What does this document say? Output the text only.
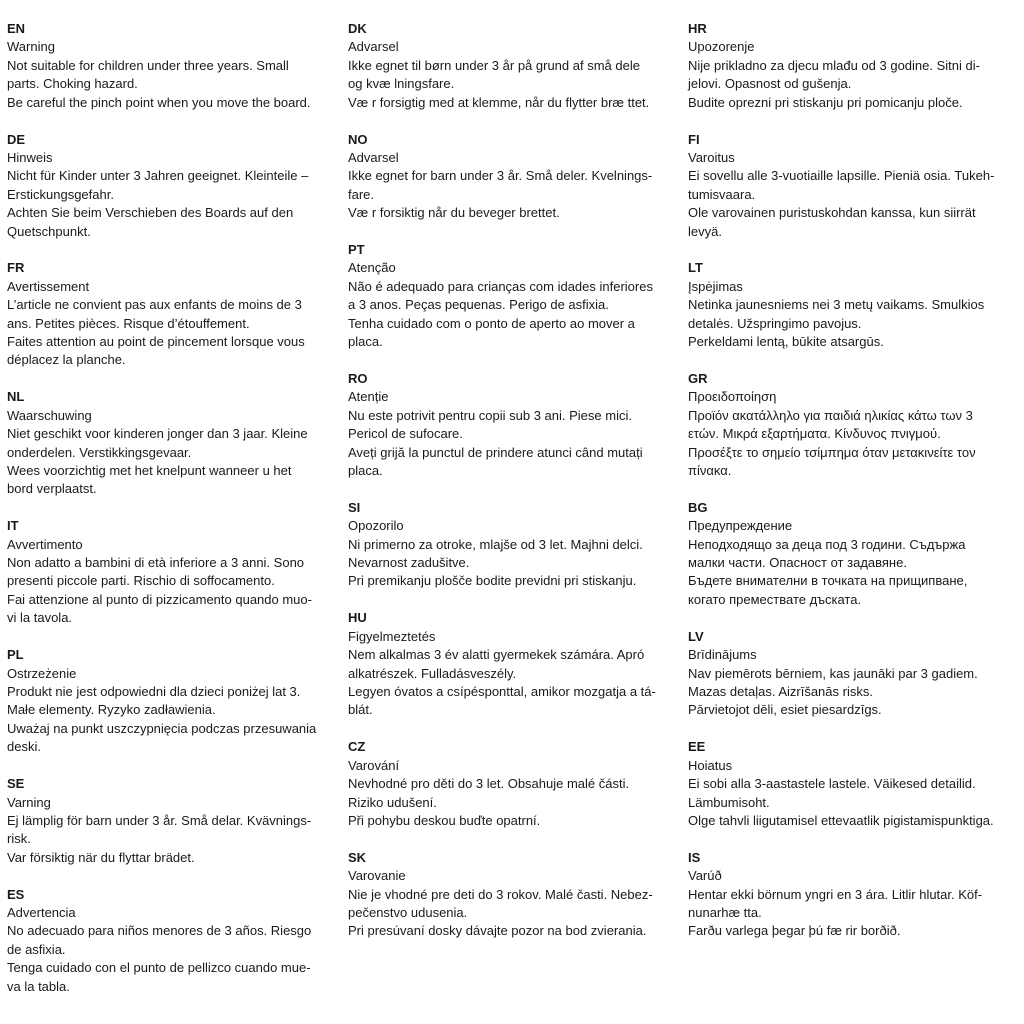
EN
Warning
Not suitable for children under three years. Small
parts. Choking hazard.
Be careful the pinch point when you move the board.
DE
Hinweis
Nicht für Kinder unter 3 Jahren geeignet. Kleinteile –
Erstickungsgefahr.
Achten Sie beim Verschieben des Boards auf den
Quetschpunkt.
FR
Avertissement
L’article ne convient pas aux enfants de moins de 3
ans. Petites pièces. Risque d’étouffement.
Faites attention au point de pincement lorsque vous
déplacez la planche.
NL
Waarschuwing
Niet geschikt voor kinderen jonger dan 3 jaar. Kleine
onderdelen. Verstikkingsgevaar.
Wees voorzichtig met het knelpunt wanneer u het
bord verplaatst.
IT
Avvertimento
Non adatto a bambini di età inferiore a 3 anni. Sono
presenti piccole parti. Rischio di soffocamento.
Fai attenzione al punto di pizzicamento quando muo-
vi la tavola.
PL
Ostrzeżenie
Produkt nie jest odpowiedni dla dzieci poniżej lat 3.
Małe elementy. Ryzyko zadławienia.
Uważaj na punkt uszczypnięcia podczas przesuwania
deski.
SE
Varning
Ej lämplig för barn under 3 år. Små delar. Kvävnings-
risk.
Var försiktig när du flyttar brädet.
ES
Advertencia
No adecuado para niños menores de 3 años. Riesgo
de asfixia.
Tenga cuidado con el punto de pellizco cuando mue-
va la tabla.
DK
Advarsel
Ikke egnet til børn under 3 år på grund af små dele
og kvæ lningsfare.
Væ r forsigtig med at klemme, når du flytter bræ ttet.
NO
Advarsel
Ikke egnet for barn under 3 år. Små deler. Kvelnings-
fare.
Væ r forsiktig når du beveger brettet.
PT
Atenção
Não é adequado para crianças com idades inferiores
a 3 anos. Peças pequenas. Perigo de asfixia.
Tenha cuidado com o ponto de aperto ao mover a
placa.
RO
Atenție
Nu este potrivit pentru copii sub 3 ani. Piese mici.
Pericol de sufocare.
Aveți grijă la punctul de prindere atunci când mutați
placa.
SI
Opozorilo
Ni primerno za otroke, mlajše od 3 let. Majhni delci.
Nevarnost zadušitve.
Pri premikanju plošče bodite previdni pri stiskanju.
HU
Figyelmeztetés
Nem alkalmas 3 év alatti gyermekek számára. Apró
alkatrészek. Fulladásveszély.
Legyen óvatos a csípésponttal, amikor mozgatja a tá-
blát.
CZ
Varování
Nevhodné pro děti do 3 let. Obsahuje malé části.
Riziko udušení.
Při pohybu deskou buďte opatrní.
SK
Varovanie
Nie je vhodné pre deti do 3 rokov. Malé časti. Nebez-
pečenstvo udusenia.
Pri presúvaní dosky dávajte pozor na bod zvierania.
HR
Upozorenje
Nije prikladno za djecu mlađu od 3 godine. Sitni di-
jelovi. Opasnost od gušenja.
Budite oprezni pri stiskanju pri pomicanju ploče.
FI
Varoitus
Ei sovellu alle 3-vuotiaille lapsille. Pieniä osia. Tukeh-
tumisvaara.
Ole varovainen puristuskohdan kanssa, kun siirrät
levyä.
LT
Įspėjimas
Netinka jaunesniems nei 3 metų vaikams. Smulkios
detalės. Užspringimo pavojus.
Perkeldami lentą, būkite atsargūs.
GR
Προειδοποίηση
Προϊόν ακατάλληλο για παιδιά ηλικίας κάτω των 3
ετών. Μικρά εξαρτήματα. Κίνδυνος πνιγμού.
Προσέξτε το σημείο τσίμπημα όταν μετακινείτε τον
πίνακα.
BG
Предупреждение
Неподходящо за деца под 3 години. Съдържа
малки части. Опасност от задавяне.
Бъдете внимателни в точката на прищипване,
когато премествате дъската.
LV
Brīdinājums
Nav piemērots bērniem, kas jaunāki par 3 gadiem.
Mazas detaļas. Aizrīšanās risks.
Pārvietojot dēli, esiet piesardzīgs.
EE
Hoiatus
Ei sobi alla 3-aastastele lastele. Väikesed detailid.
Lämbumisoht.
Olge tahvli liigutamisel ettevaatlik pigistamispunktiga.
IS
Varúð
Hentar ekki börnum yngri en 3 ára. Litlir hlutar. Köf-
nunarhæ tta.
Farðu varlega þegar þú fæ rir borðið.
